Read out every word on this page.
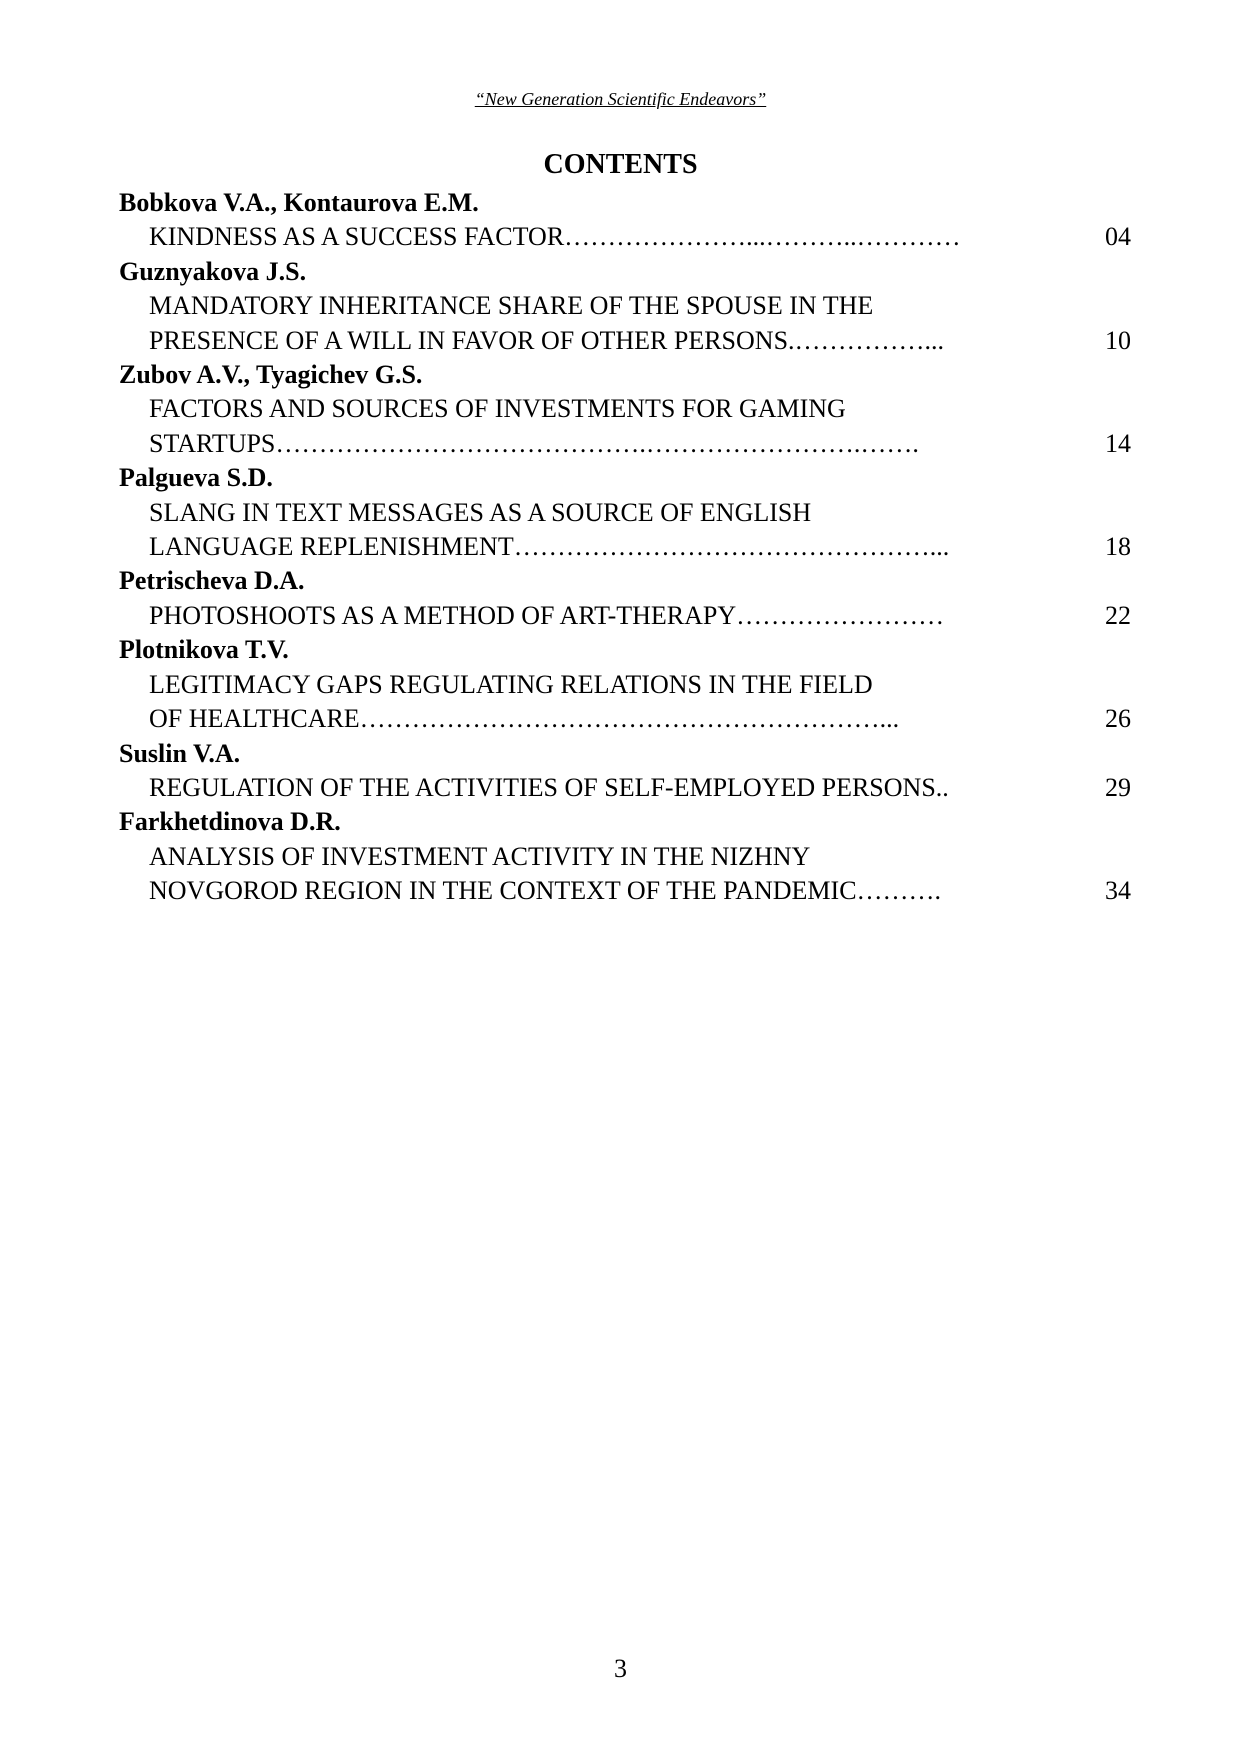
“New Generation Scientific Endeavors”
CONTENTS
Bobkova V.A., Kontaurova E.M.
KINDNESS AS A SUCCESS FACTOR…………………...………..…………	04
Guznyakova J.S.
MANDATORY INHERITANCE SHARE OF THE SPOUSE IN THE
PRESENCE OF A WILL IN FAVOR OF OTHER PERSONS.……………...	10
Zubov A.V., Tyagichev G.S.
FACTORS AND SOURCES OF INVESTMENTS FOR GAMING
STARTUPS…………………………………….…………………….…….	14
Palgueva S.D.
SLANG IN TEXT MESSAGES AS A SOURCE OF ENGLISH
LANGUAGE REPLENISHMENT…………………………………………...	18
Petrischeva D.A.
PHOTOSHOOTS AS A METHOD OF ART-THERAPY……………………	22
Plotnikova T.V.
LEGITIMACY GAPS REGULATING RELATIONS IN THE FIELD
OF HEALTHCARE……………………………………………………...	26
Suslin V.A.
REGULATION OF THE ACTIVITIES OF SELF-EMPLOYED PERSONS..	29
Farkhetdinova D.R.
ANALYSIS OF INVESTMENT ACTIVITY IN THE NIZHNY
NOVGOROD REGION IN THE CONTEXT OF THE PANDEMIC……….	34
3
